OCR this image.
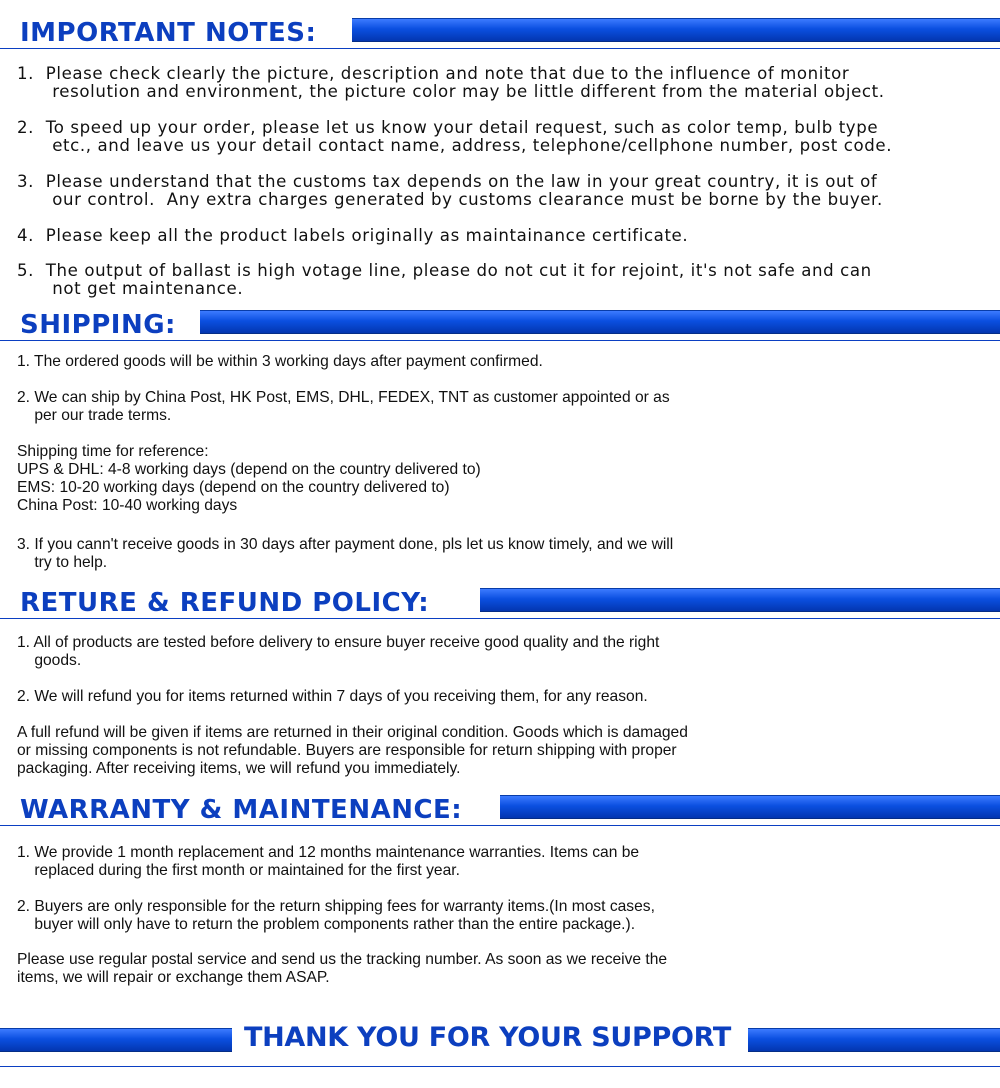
IMPORTANT NOTES:
1.  Please check clearly the picture, description and note that due to the influence of monitor
resolution and environment, the picture color may be little different from the material object.
2.  To speed up your order, please let us know your detail request, such as color temp, bulb type
etc., and leave us your detail contact name, address, telephone/cellphone number, post code.
3.  Please understand that the customs tax depends on the law in your great country, it is out of
our control.  Any extra charges generated by customs clearance must be borne by the buyer.
4.  Please keep all the product labels originally as maintainance certificate.
5.  The output of ballast is high votage line, please do not cut it for rejoint, it's not safe and can
not get maintenance.
SHIPPING:
1. The ordered goods will be within 3 working days after payment confirmed.
2. We can ship by China Post, HK Post, EMS, DHL, FEDEX, TNT as customer appointed or as
per our trade terms.
Shipping time for reference:
UPS & DHL: 4-8 working days (depend on the country delivered to)
EMS: 10-20 working days (depend on the country delivered to)
China Post: 10-40 working days
3. If you cann't receive goods in 30 days after payment done, pls let us know timely, and we will
try to help.
RETURE & REFUND POLICY:
1. All of products are tested before delivery to ensure buyer receive good quality and the right
goods.
2. We will refund you for items returned within 7 days of you receiving them, for any reason.
A full refund will be given if items are returned in their original condition. Goods which is damaged
or missing components is not refundable. Buyers are responsible for return shipping with proper
packaging. After receiving items, we will refund you immediately.
WARRANTY & MAINTENANCE:
1. We provide 1 month replacement and 12 months maintenance warranties. Items can be
replaced during the first month or maintained for the first year.
2. Buyers are only responsible for the return shipping fees for warranty items.(In most cases,
buyer will only have to return the problem components rather than the entire package.).
Please use regular postal service and send us the tracking number. As soon as we receive the
items, we will repair or exchange them ASAP.
THANK YOU FOR YOUR SUPPORT
